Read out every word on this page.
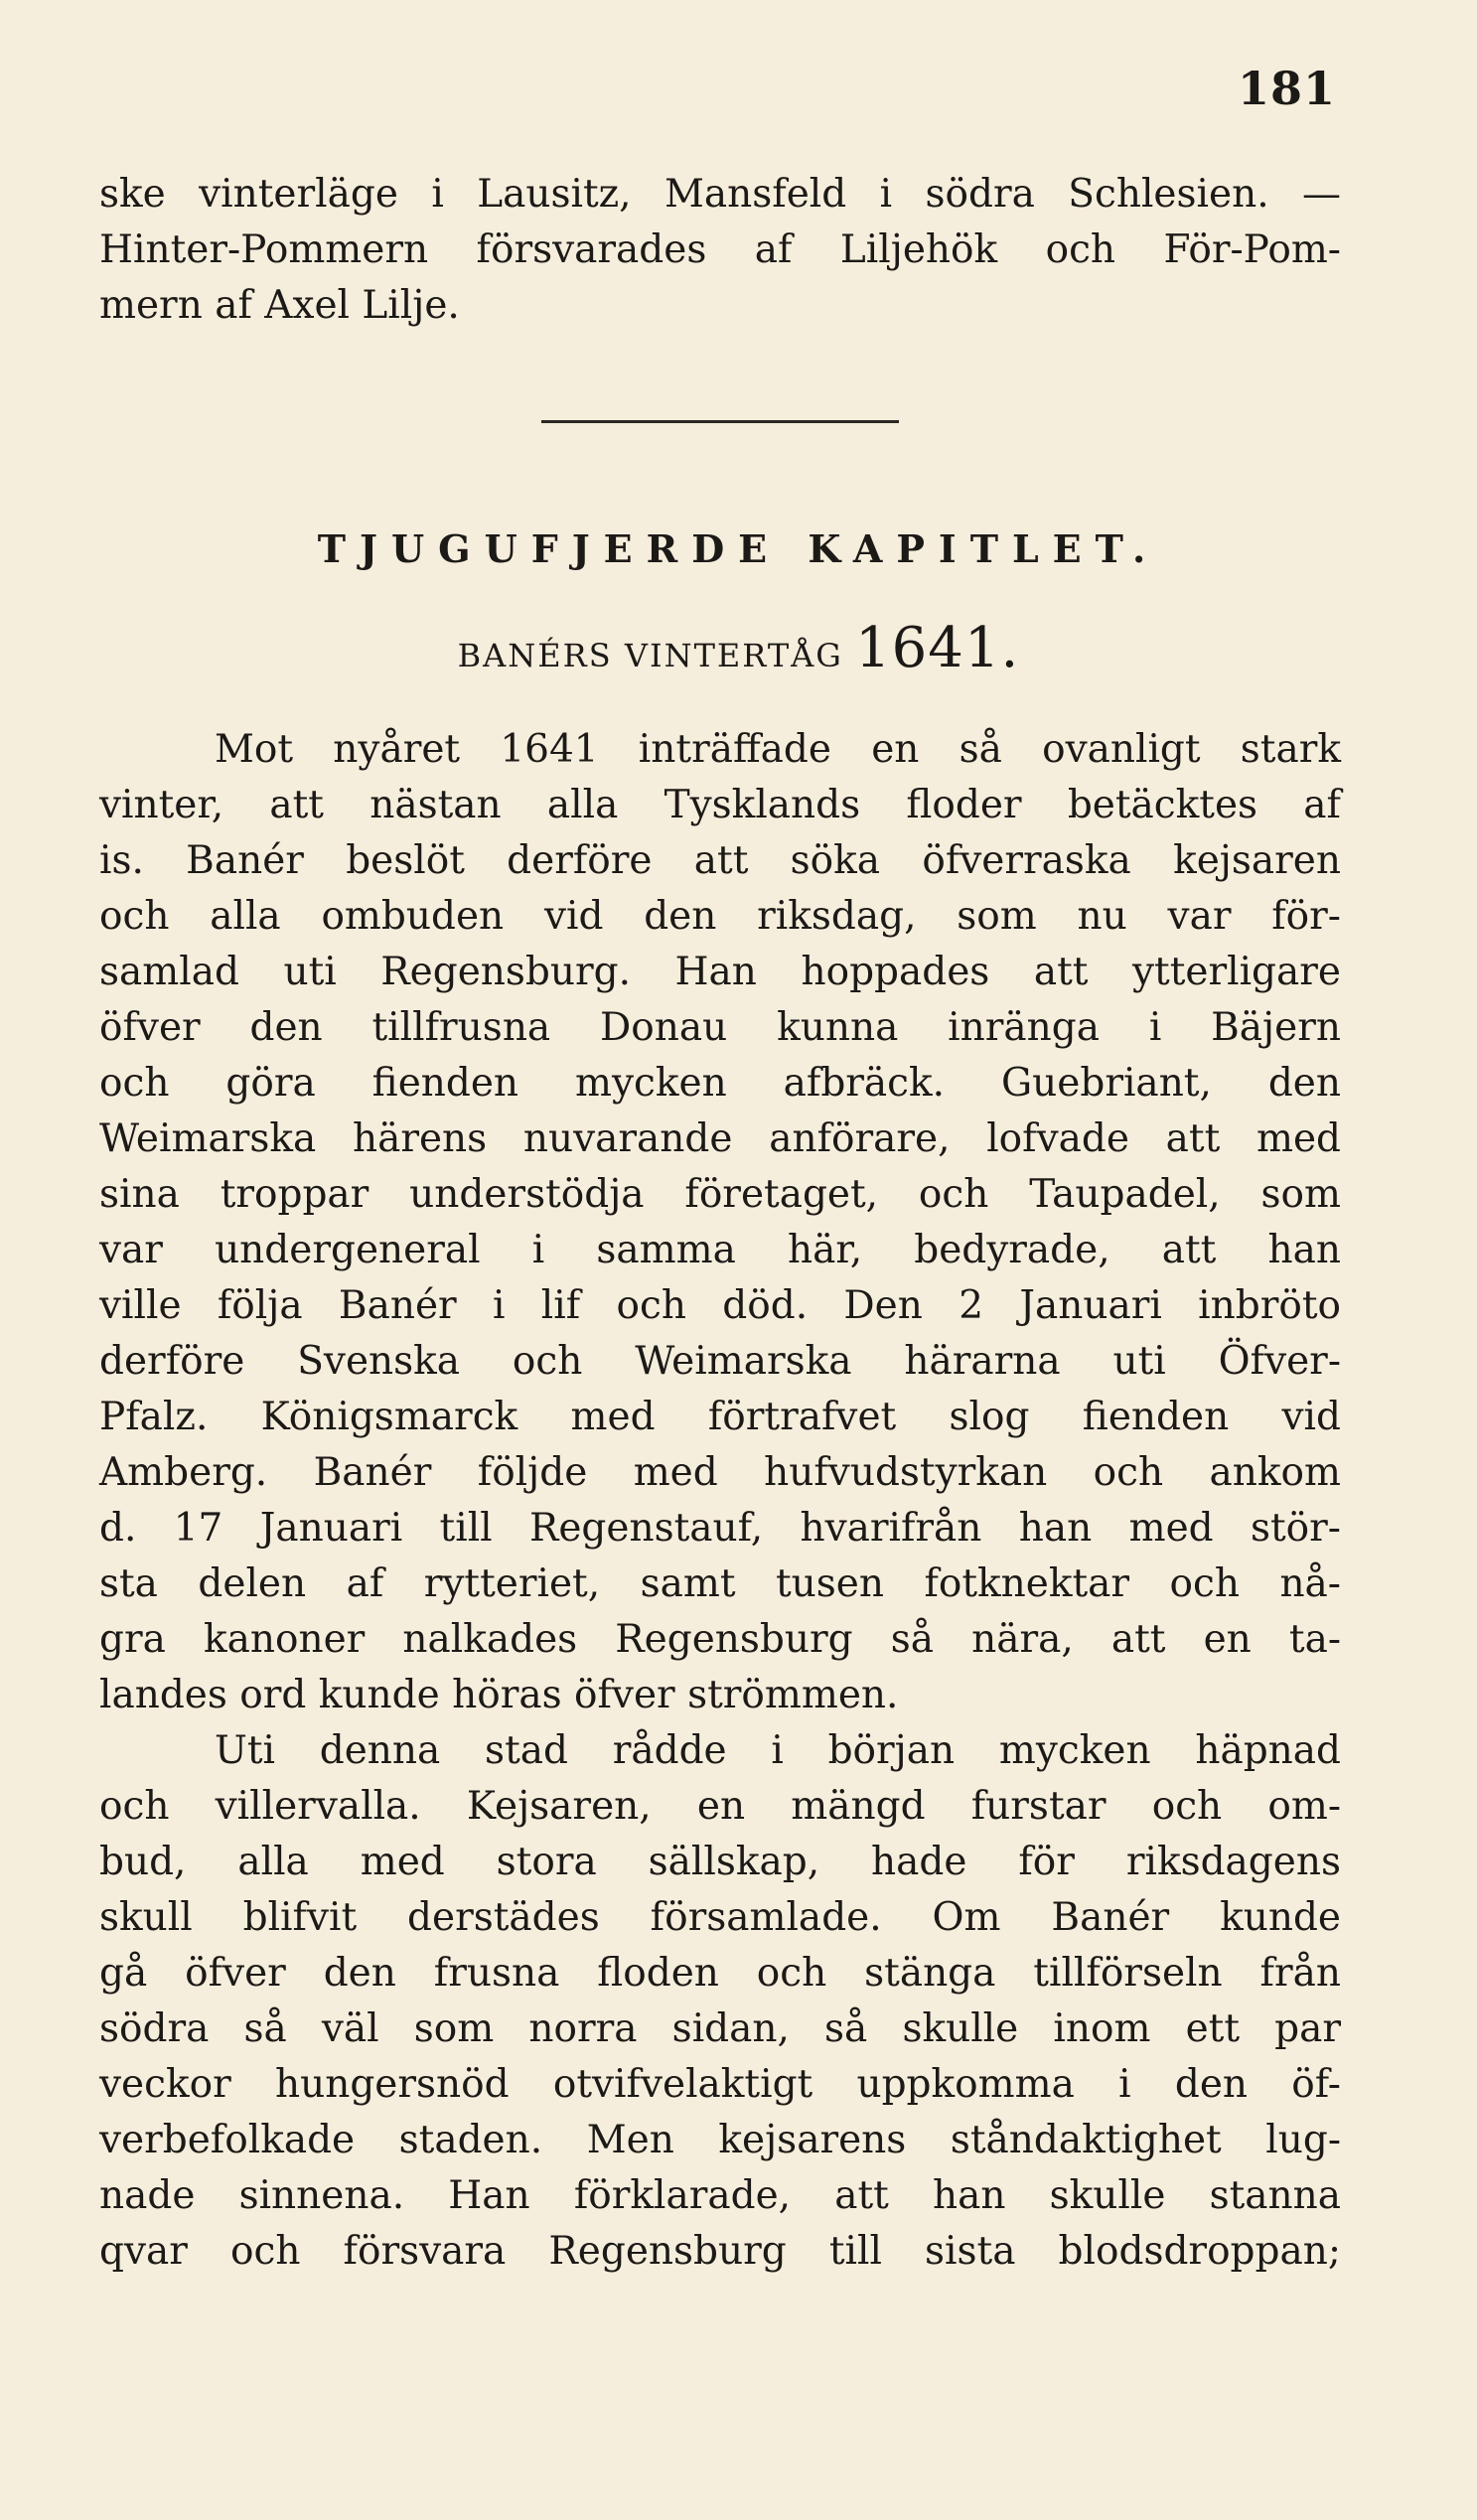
181
ske vinterläge i Lausitz, Mansfeld i södra Schlesien. —
Hinter-Pommern försvarades af Liljehök och För-Pom-
mern af Axel Lilje.
TJUGUFJERDE KAPITLET.
BANÉRS VINTERTÅG 1641.
Mot nyåret 1641 inträffade en så ovanligt stark
vinter, att nästan alla Tysklands floder betäcktes af
is. Banér beslöt derföre att söka öfverraska kejsaren
och alla ombuden vid den riksdag, som nu var för-
samlad uti Regensburg. Han hoppades att ytterligare
öfver den tillfrusna Donau kunna inränga i Bäjern
och göra fienden mycken afbräck. Guebriant, den
Weimarska härens nuvarande anförare, lofvade att med
sina troppar understödja företaget, och Taupadel, som
var undergeneral i samma här, bedyrade, att han
ville följa Banér i lif och död. Den 2 Januari inbröto
derföre Svenska och Weimarska härarna uti Öfver-
Pfalz. Königsmarck med förtrafvet slog fienden vid
Amberg. Banér följde med hufvudstyrkan och ankom
d. 17 Januari till Regenstauf, hvarifrån han med stör-
sta delen af rytteriet, samt tusen fotknektar och nå-
gra kanoner nalkades Regensburg så nära, att en ta-
landes ord kunde höras öfver strömmen.
Uti denna stad rådde i början mycken häpnad
och villervalla. Kejsaren, en mängd furstar och om-
bud, alla med stora sällskap, hade för riksdagens
skull blifvit derstädes församlade. Om Banér kunde
gå öfver den frusna floden och stänga tillförseln från
södra så väl som norra sidan, så skulle inom ett par
veckor hungersnöd otvifvelaktigt uppkomma i den öf-
verbefolkade staden. Men kejsarens ståndaktighet lug-
nade sinnena. Han förklarade, att han skulle stanna
qvar och försvara Regensburg till sista blodsdroppan;
